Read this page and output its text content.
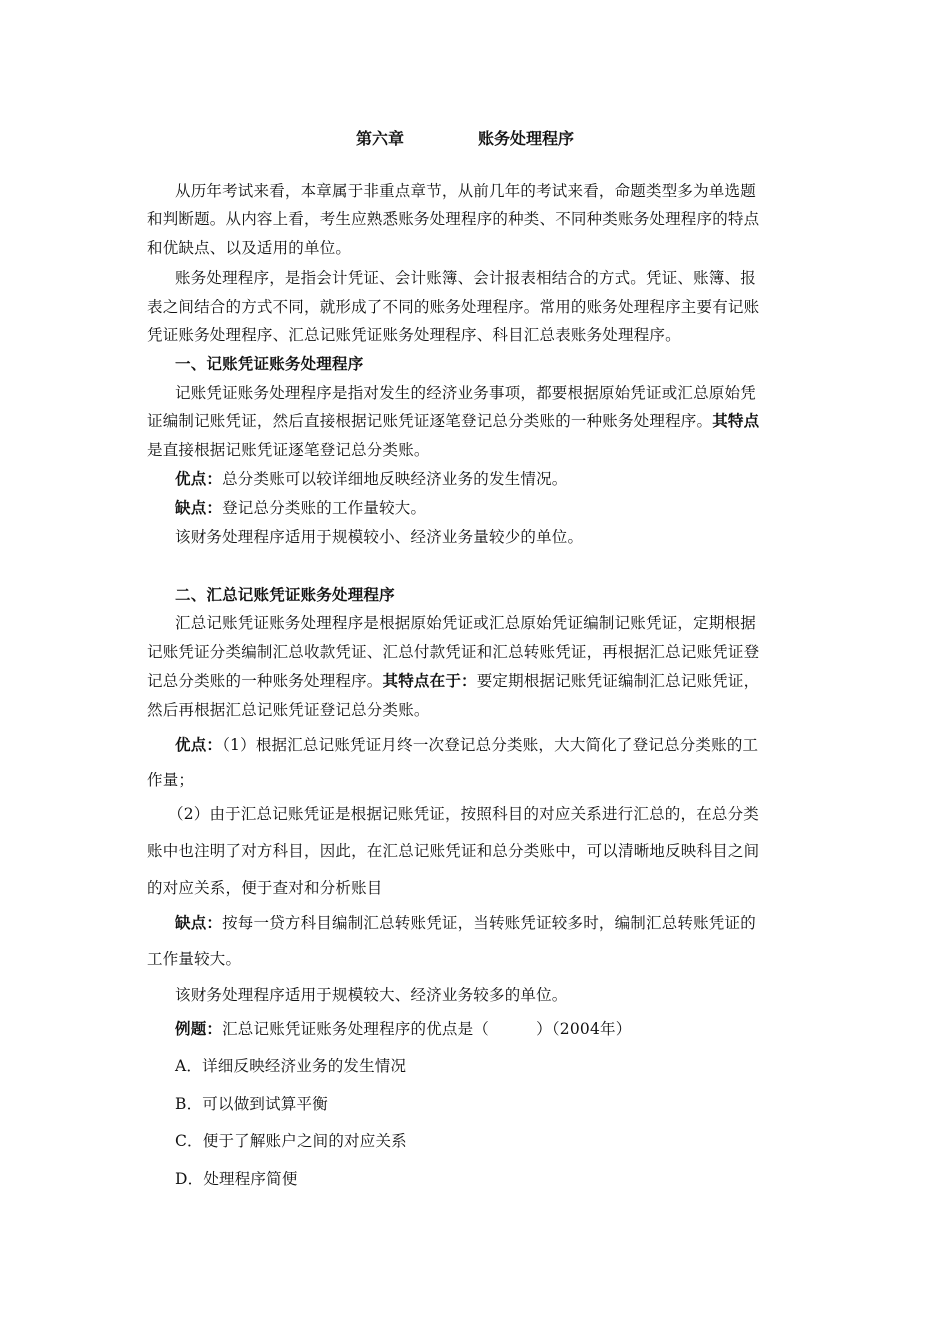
第六章	账务处理程序
从历年考试来看，本章属于非重点章节，从前几年的考试来看，命题类型多为单选题
和判断题。从内容上看，考生应熟悉账务处理程序的种类、不同种类账务处理程序的特点
和优缺点、以及适用的单位。
账务处理程序，是指会计凭证、会计账簿、会计报表相结合的方式。凭证、账簿、报
表之间结合的方式不同，就形成了不同的账务处理程序。常用的账务处理程序主要有记账
凭证账务处理程序、汇总记账凭证账务处理程序、科目汇总表账务处理程序。
一、记账凭证账务处理程序
记账凭证账务处理程序是指对发生的经济业务事项，都要根据原始凭证或汇总原始凭
证编制记账凭证，然后直接根据记账凭证逐笔登记总分类账的一种账务处理程序。其特点
是直接根据记账凭证逐笔登记总分类账。
优点：总分类账可以较详细地反映经济业务的发生情况。
缺点：登记总分类账的工作量较大。
该财务处理程序适用于规模较小、经济业务量较少的单位。
二、汇总记账凭证账务处理程序
汇总记账凭证账务处理程序是根据原始凭证或汇总原始凭证编制记账凭证，定期根据
记账凭证分类编制汇总收款凭证、汇总付款凭证和汇总转账凭证，再根据汇总记账凭证登
记总分类账的一种账务处理程序。其特点在于：要定期根据记账凭证编制汇总记账凭证，
然后再根据汇总记账凭证登记总分类账。
优点：（1）根据汇总记账凭证月终一次登记总分类账，大大简化了登记总分类账的工
作量；
（2）由于汇总记账凭证是根据记账凭证，按照科目的对应关系进行汇总的，在总分类
账中也注明了对方科目，因此，在汇总记账凭证和总分类账中，可以清晰地反映科目之间
的对应关系，便于查对和分析账目
缺点：按每一贷方科目编制汇总转账凭证，当转账凭证较多时，编制汇总转账凭证的
工作量较大。
该财务处理程序适用于规模较大、经济业务较多的单位。
例题：汇总记账凭证账务处理程序的优点是（　　　）（2004年）
A．详细反映经济业务的发生情况
B．可以做到试算平衡
C．便于了解账户之间的对应关系
D．处理程序简便
